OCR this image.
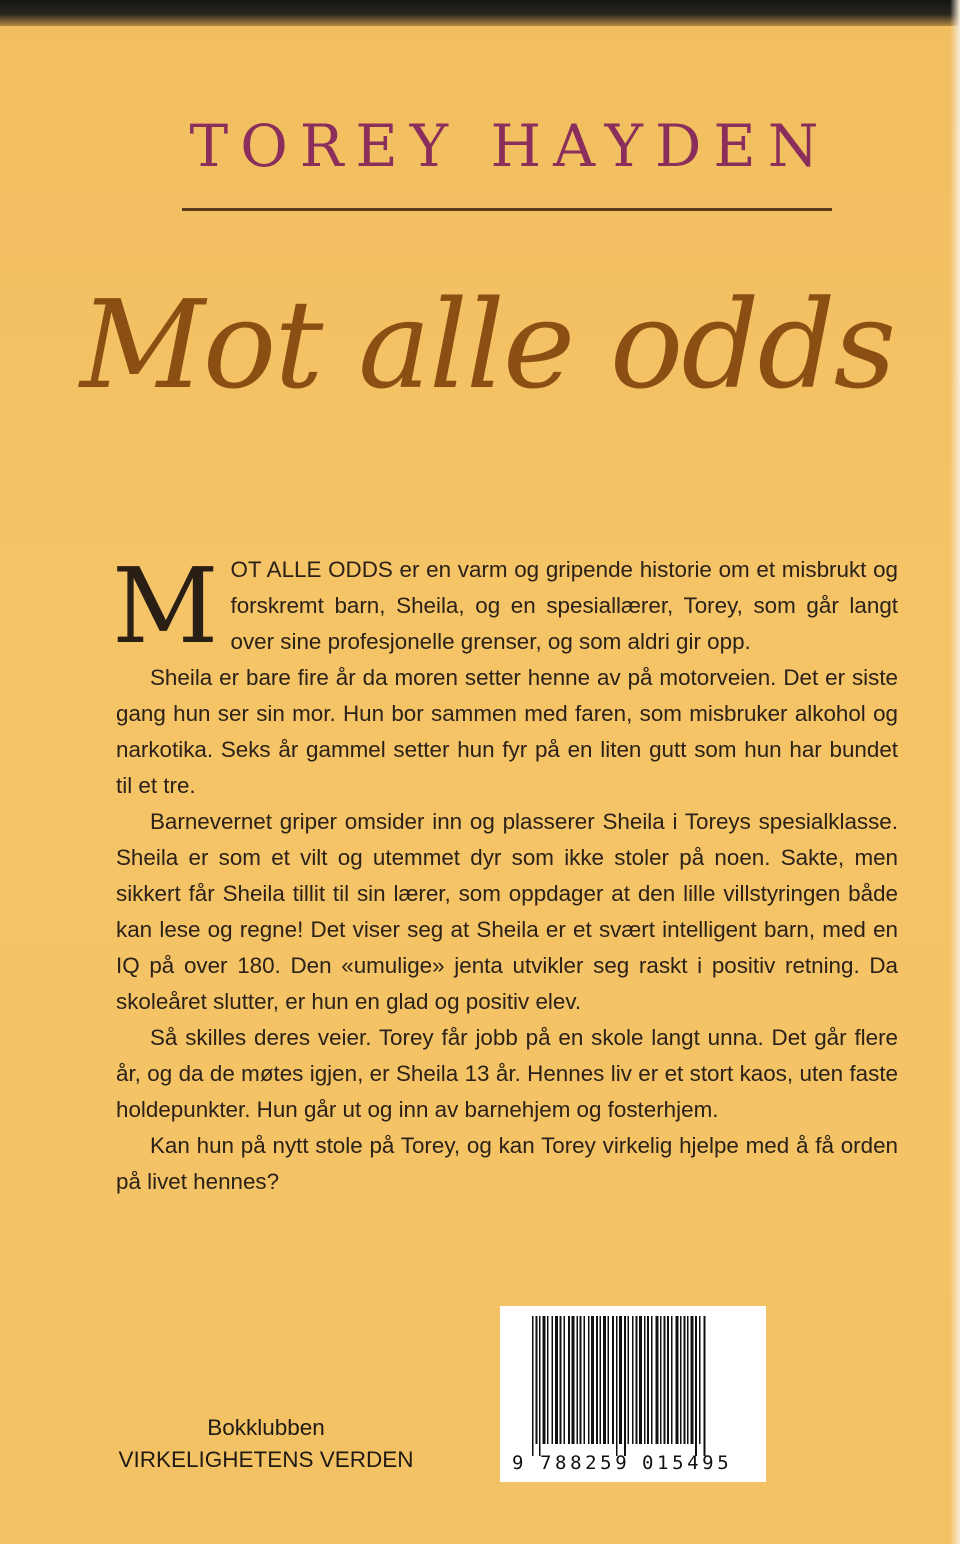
TOREY HAYDEN
Mot alle odds

MOT ALLE ODDS er en varm og gripende historie om et misbrukt og forskremt barn, Sheila, og en spesiallærer, Torey, som går langt over sine profesjonelle grenser, og som aldri gir opp.

Sheila er bare fire år da moren setter henne av på motorveien. Det er siste gang hun ser sin mor. Hun bor sammen med faren, som misbruker alkohol og narkotika. Seks år gammel setter hun fyr på en liten gutt som hun har bundet til et tre.

Barnevernet griper omsider inn og plasserer Sheila i Toreys spesialklasse. Sheila er som et vilt og utemmet dyr som ikke stoler på noen. Sakte, men sikkert får Sheila tillit til sin lærer, som oppdager at den lille villstyringen både kan lese og regne! Det viser seg at Sheila er et svært intelligent barn, med en IQ på over 180. Den «umulige» jenta utvikler seg raskt i positiv retning. Da skoleåret slutter, er hun en glad og positiv elev.

Så skilles deres veier. Torey får jobb på en skole langt unna. Det går flere år, og da de møtes igjen, er Sheila 13 år. Hennes liv er et stort kaos, uten faste holdepunkter. Hun går ut og inn av barnehjem og fosterhjem.

Kan hun på nytt stole på Torey, og kan Torey virkelig hjelpe med å få orden på livet hennes?

Bokklubben
VIRKELIGHETENS VERDEN	9 788259 015495
